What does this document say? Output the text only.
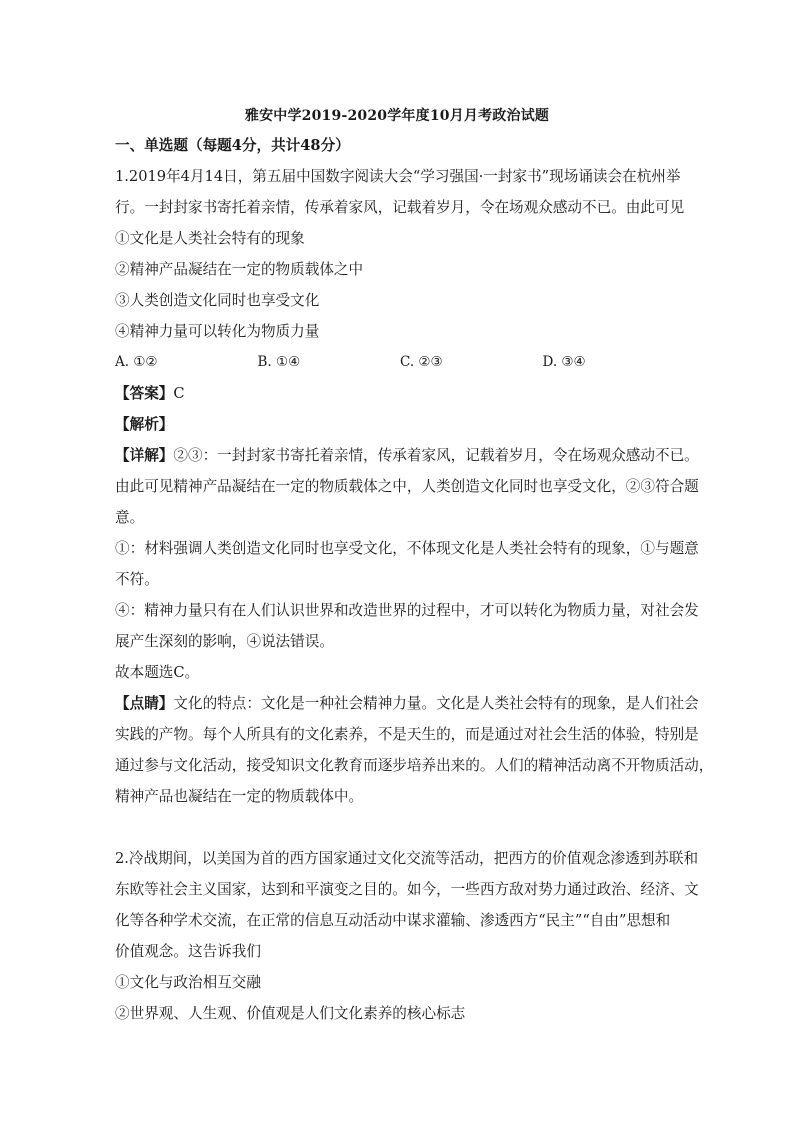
雅安中学2019-2020学年度10月月考政治试题
一、单选题（每题4分，共计48分）
1.2019年4月14日，第五届中国数字阅读大会“学习强国·一封家书”现场诵读会在杭州举
行。一封封家书寄托着亲情，传承着家风，记载着岁月，令在场观众感动不已。由此可见
①文化是人类社会特有的现象
②精神产品凝结在一定的物质载体之中
③人类创造文化同时也享受文化
④精神力量可以转化为物质力量
A. ①②	B. ①④	C. ②③	D. ③④
【答案】C
【解析】
【详解】②③：一封封家书寄托着亲情，传承着家风，记载着岁月，令在场观众感动不已。
由此可见精神产品凝结在一定的物质载体之中，人类创造文化同时也享受文化，②③符合题
意。
①：材料强调人类创造文化同时也享受文化，不体现文化是人类社会特有的现象，①与题意
不符。
④：精神力量只有在人们认识世界和改造世界的过程中，才可以转化为物质力量，对社会发
展产生深刻的影响，④说法错误。
故本题选C。
【点睛】文化的特点：文化是一种社会精神力量。文化是人类社会特有的现象，是人们社会
实践的产物。每个人所具有的文化素养，不是天生的，而是通过对社会生活的体验，特别是
通过参与文化活动，接受知识文化教育而逐步培养出来的。人们的精神活动离不开物质活动，
精神产品也凝结在一定的物质载体中。
2.冷战期间，以美国为首的西方国家通过文化交流等活动，把西方的价值观念渗透到苏联和
东欧等社会主义国家，达到和平演变之目的。如今，一些西方敌对势力通过政治、经济、文
化等各种学术交流，在正常的信息互动活动中谋求灌输、渗透西方“民主”“自由”思想和
价值观念。这告诉我们
①文化与政治相互交融
②世界观、人生观、价值观是人们文化素养的核心标志
